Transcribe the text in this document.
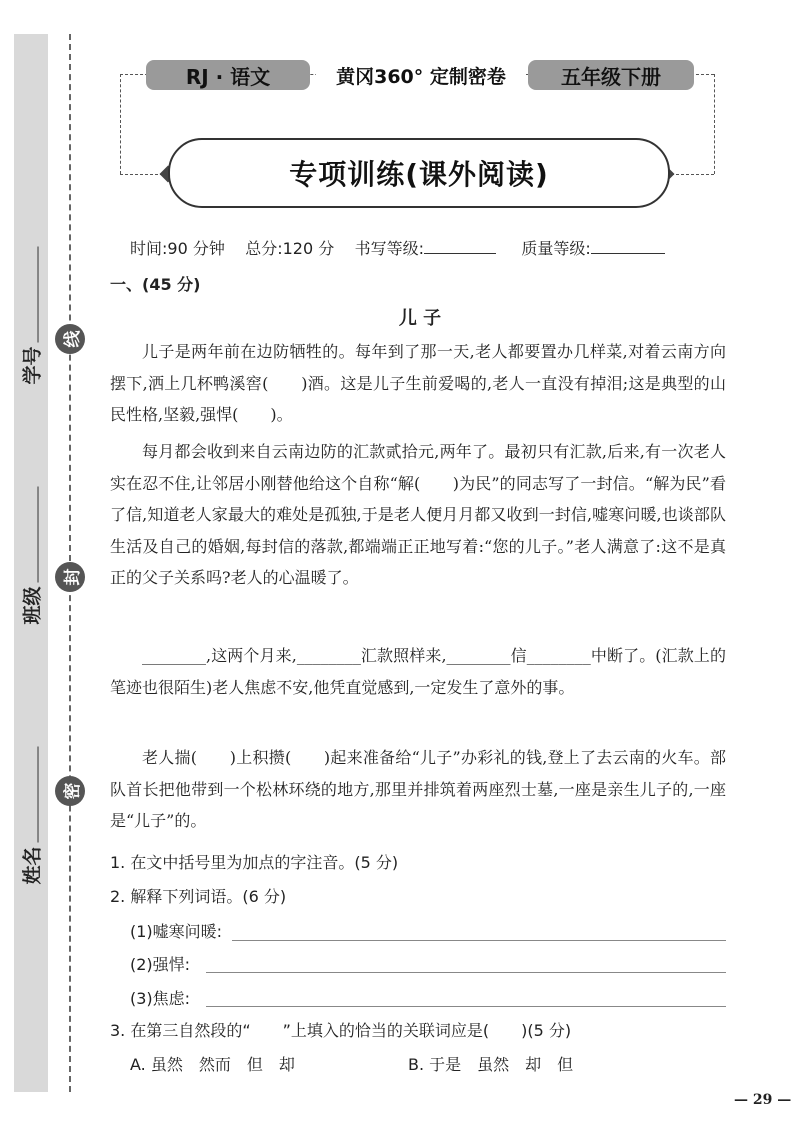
学号
班级
姓名
线
封
密
RJ · 语文	黄冈360° 定制密卷	五年级下册
专项训练(课外阅读)
时间:90 分钟 总分:120 分 书写等级:	质量等级:
一、(45 分)
儿 子
儿子是两年前在边防牺牲的。每年到了那一天,老人都要置办几样菜,对着云南方向摆下,洒上几杯鸭溪窖(　　)酒。这是儿子生前爱喝的,老人一直没有掉泪;这是典型的山民性格,坚毅,强悍(　　)。
每月都会收到来自云南边防的汇款贰拾元,两年了。最初只有汇款,后来,有一次老人实在忍不住,让邻居小刚替他给这个自称“解(　　)为民”的同志写了一封信。“解为民”看了信,知道老人家最大的难处是孤独,于是老人便月月都又收到一封信,嘘寒问暖,也谈部队生活及自己的婚姻,每封信的落款,都端端正正地写着:“您的儿子。”老人满意了:这不是真正的父子关系吗?老人的心温暖了。
________,这两个月来,________汇款照样来,________信________中断了。(汇款上的笔迹也很陌生)老人焦虑不安,他凭直觉感到,一定发生了意外的事。
老人揣(　　)上积攒(　　)起来准备给“儿子”办彩礼的钱,登上了去云南的火车。部队首长把他带到一个松林环绕的地方,那里并排筑着两座烈士墓,一座是亲生儿子的,一座是“儿子”的。
1. 在文中括号里为加点的字注音。(5 分)
2. 解释下列词语。(6 分)
(1)嘘寒问暖:
(2)强悍:
(3)焦虑:
3. 在第三自然段的“　　”上填入的恰当的关联词应是(　　)(5 分)
A. 虽然　然而　但　却	B. 于是　虽然　却　但
— 29 —
